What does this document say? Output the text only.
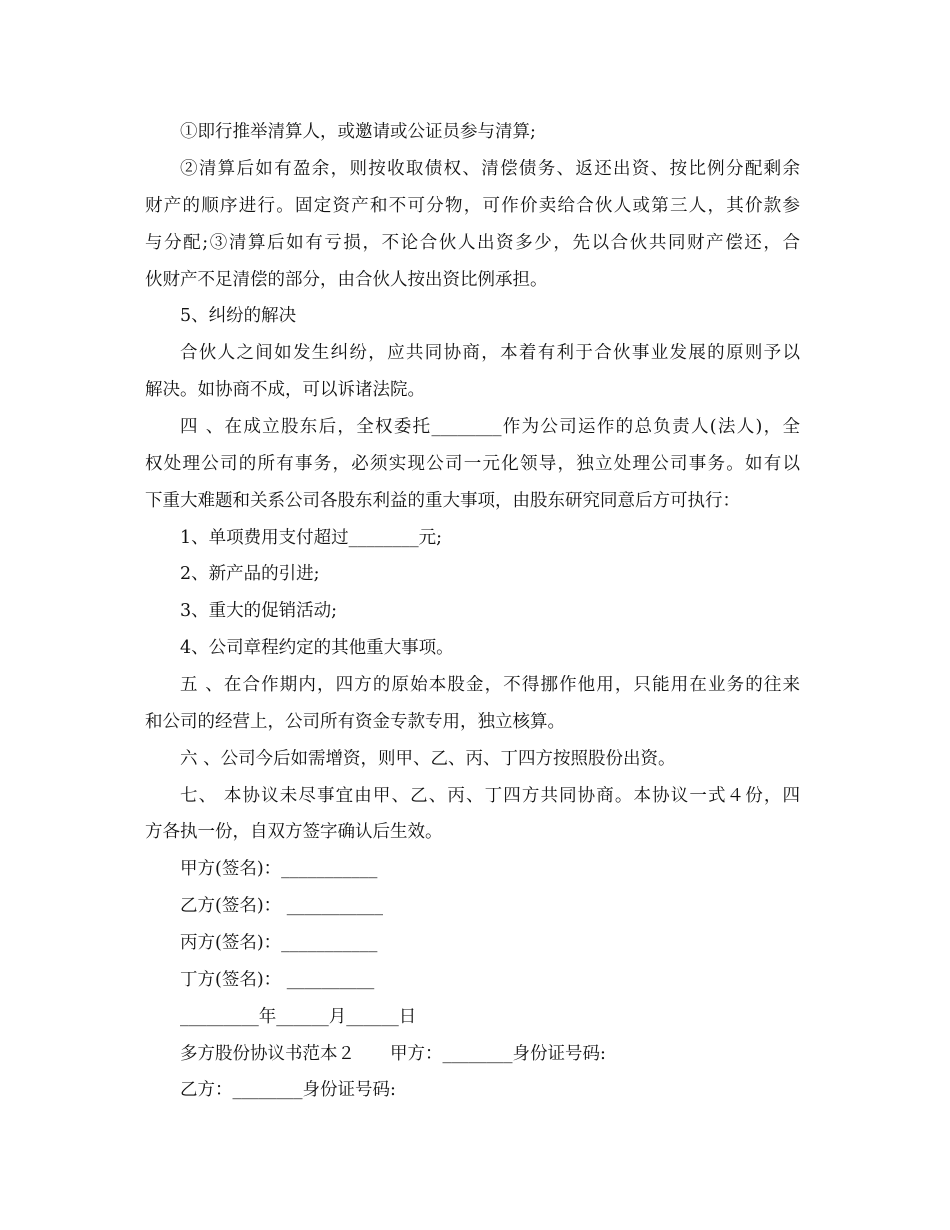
①即行推举清算人，或邀请或公证员参与清算;
②清算后如有盈余，则按收取债权、清偿债务、返还出资、按比例分配剩余
财产的顺序进行。固定资产和不可分物，可作价卖给合伙人或第三人，其价款参
与分配;③清算后如有亏损，不论合伙人出资多少，先以合伙共同财产偿还，合
伙财产不足清偿的部分，由合伙人按出资比例承担。
5、纠纷的解决
合伙人之间如发生纠纷，应共同协商，本着有利于合伙事业发展的原则予以
解决。如协商不成，可以诉诸法院。
四 、在成立股东后，全权委托________作为公司运作的总负责人(法人)，全
权处理公司的所有事务，必须实现公司一元化领导，独立处理公司事务。如有以
下重大难题和关系公司各股东利益的重大事项，由股东研究同意后方可执行：
1、单项费用支付超过________元;
2、新产品的引进;
3、重大的促销活动;
4、公司章程约定的其他重大事项。
五 、在合作期内，四方的原始本股金，不得挪作他用，只能用在业务的往来
和公司的经营上，公司所有资金专款专用，独立核算。
六 、公司今后如需增资，则甲、乙、丙、丁四方按照股份出资。
七、 本协议未尽事宜由甲、乙、丙、丁四方共同协商。本协议一式４份，四
方各执一份，自双方签字确认后生效。
甲方(签名)：___________
乙方(签名)： ___________
丙方(签名)：___________
丁方(签名)： __________
_________年______月______日
多方股份协议书范本２　　甲方：________身份证号码:
乙方：________身份证号码:
